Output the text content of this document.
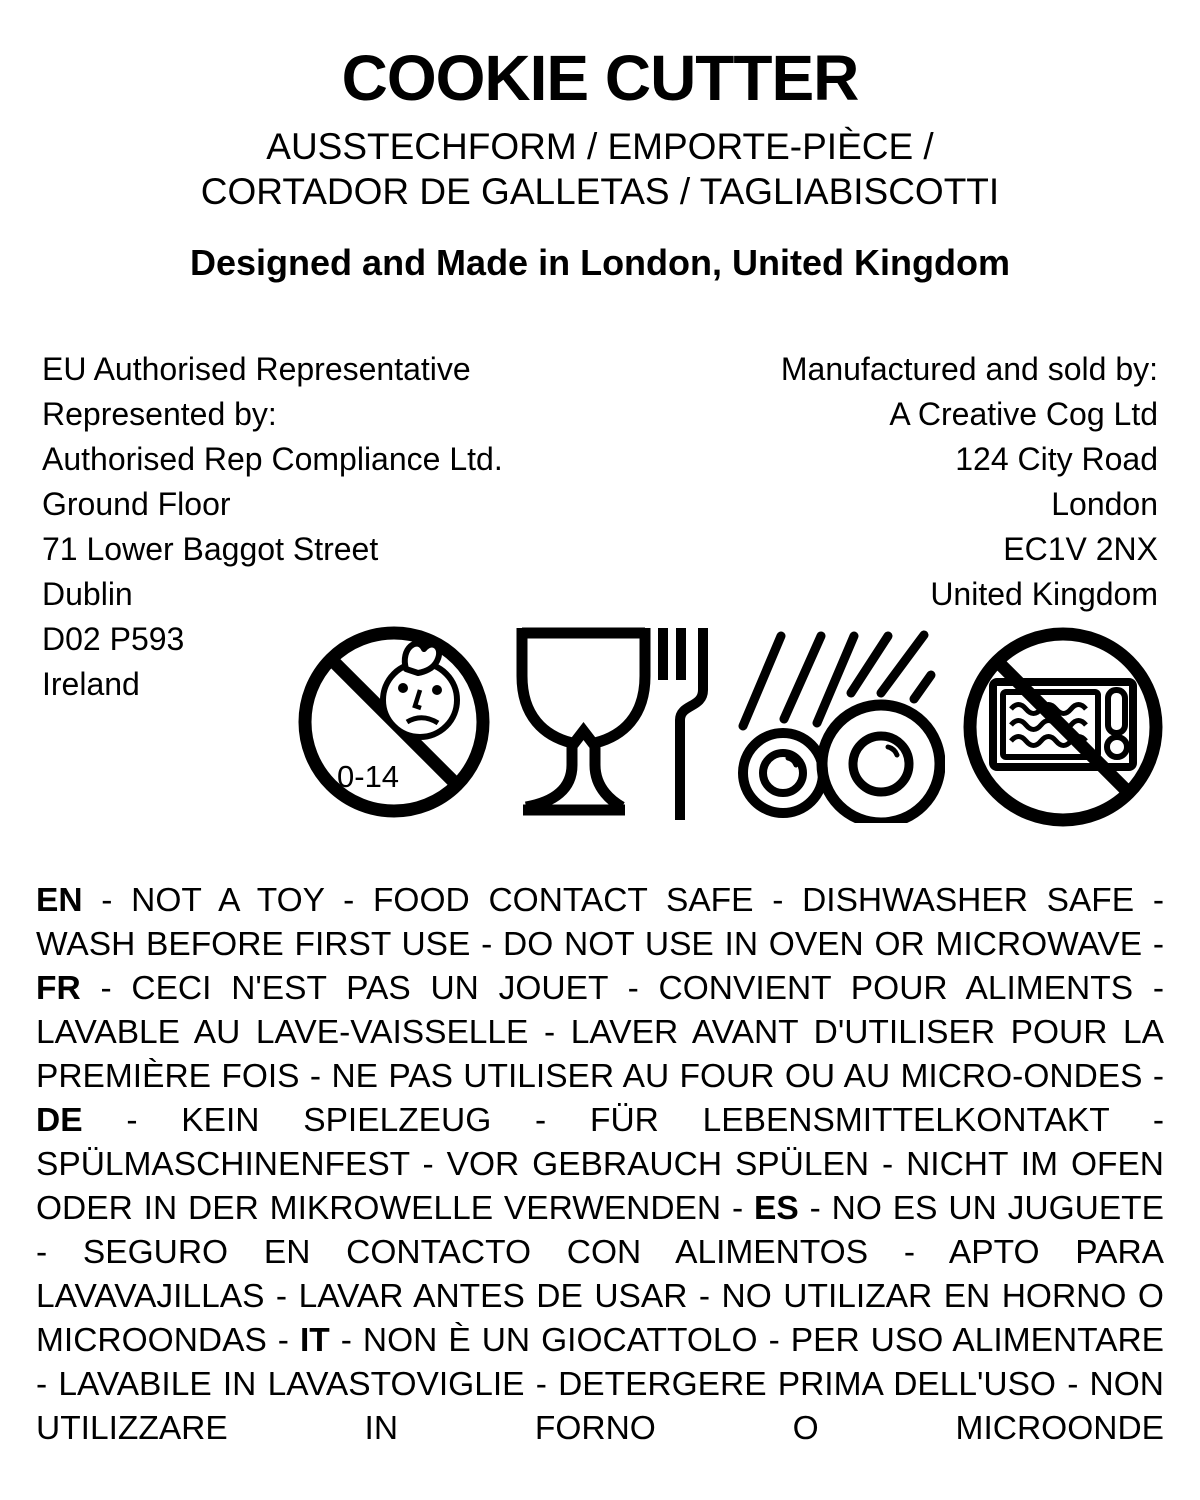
COOKIE CUTTER
AUSSTECHFORM / EMPORTE-PIÈCE /
CORTADOR DE GALLETAS / TAGLIABISCOTTI
Designed and Made in London, United Kingdom
EU Authorised Representative
Represented by:
Authorised Rep Compliance Ltd.
Ground Floor
71 Lower Baggot Street
Dublin
D02 P593
Ireland
Manufactured and sold by:
A Creative Cog Ltd
124 City Road
London
EC1V 2NX
United Kingdom
0-14

EN - NOT A TOY - FOOD CONTACT SAFE - DISHWASHER SAFE - WASH BEFORE FIRST USE - DO NOT USE IN OVEN OR MICROWAVE - FR - CECI N'EST PAS UN JOUET - CONVIENT POUR ALIMENTS - LAVABLE AU LAVE-VAISSELLE - LAVER AVANT D'UTILISER POUR LA PREMIÈRE FOIS - NE PAS UTILISER AU FOUR OU AU MICRO-ONDES - DE - KEIN SPIELZEUG - FÜR LEBENSMITTELKONTAKT - SPÜLMASCHINENFEST - VOR GEBRAUCH SPÜLEN - NICHT IM OFEN ODER IN DER MIKROWELLE VERWENDEN - ES - NO ES UN JUGUETE - SEGURO EN CONTACTO CON ALIMENTOS - APTO PARA LAVAVAJILLAS - LAVAR ANTES DE USAR - NO UTILIZAR EN HORNO O MICROONDAS - IT - NON È UN GIOCATTOLO - PER USO ALIMENTARE - LAVABILE IN LAVASTOVIGLIE - DETERGERE PRIMA DELL'USO - NON UTILIZZARE IN FORNO O MICROONDE
